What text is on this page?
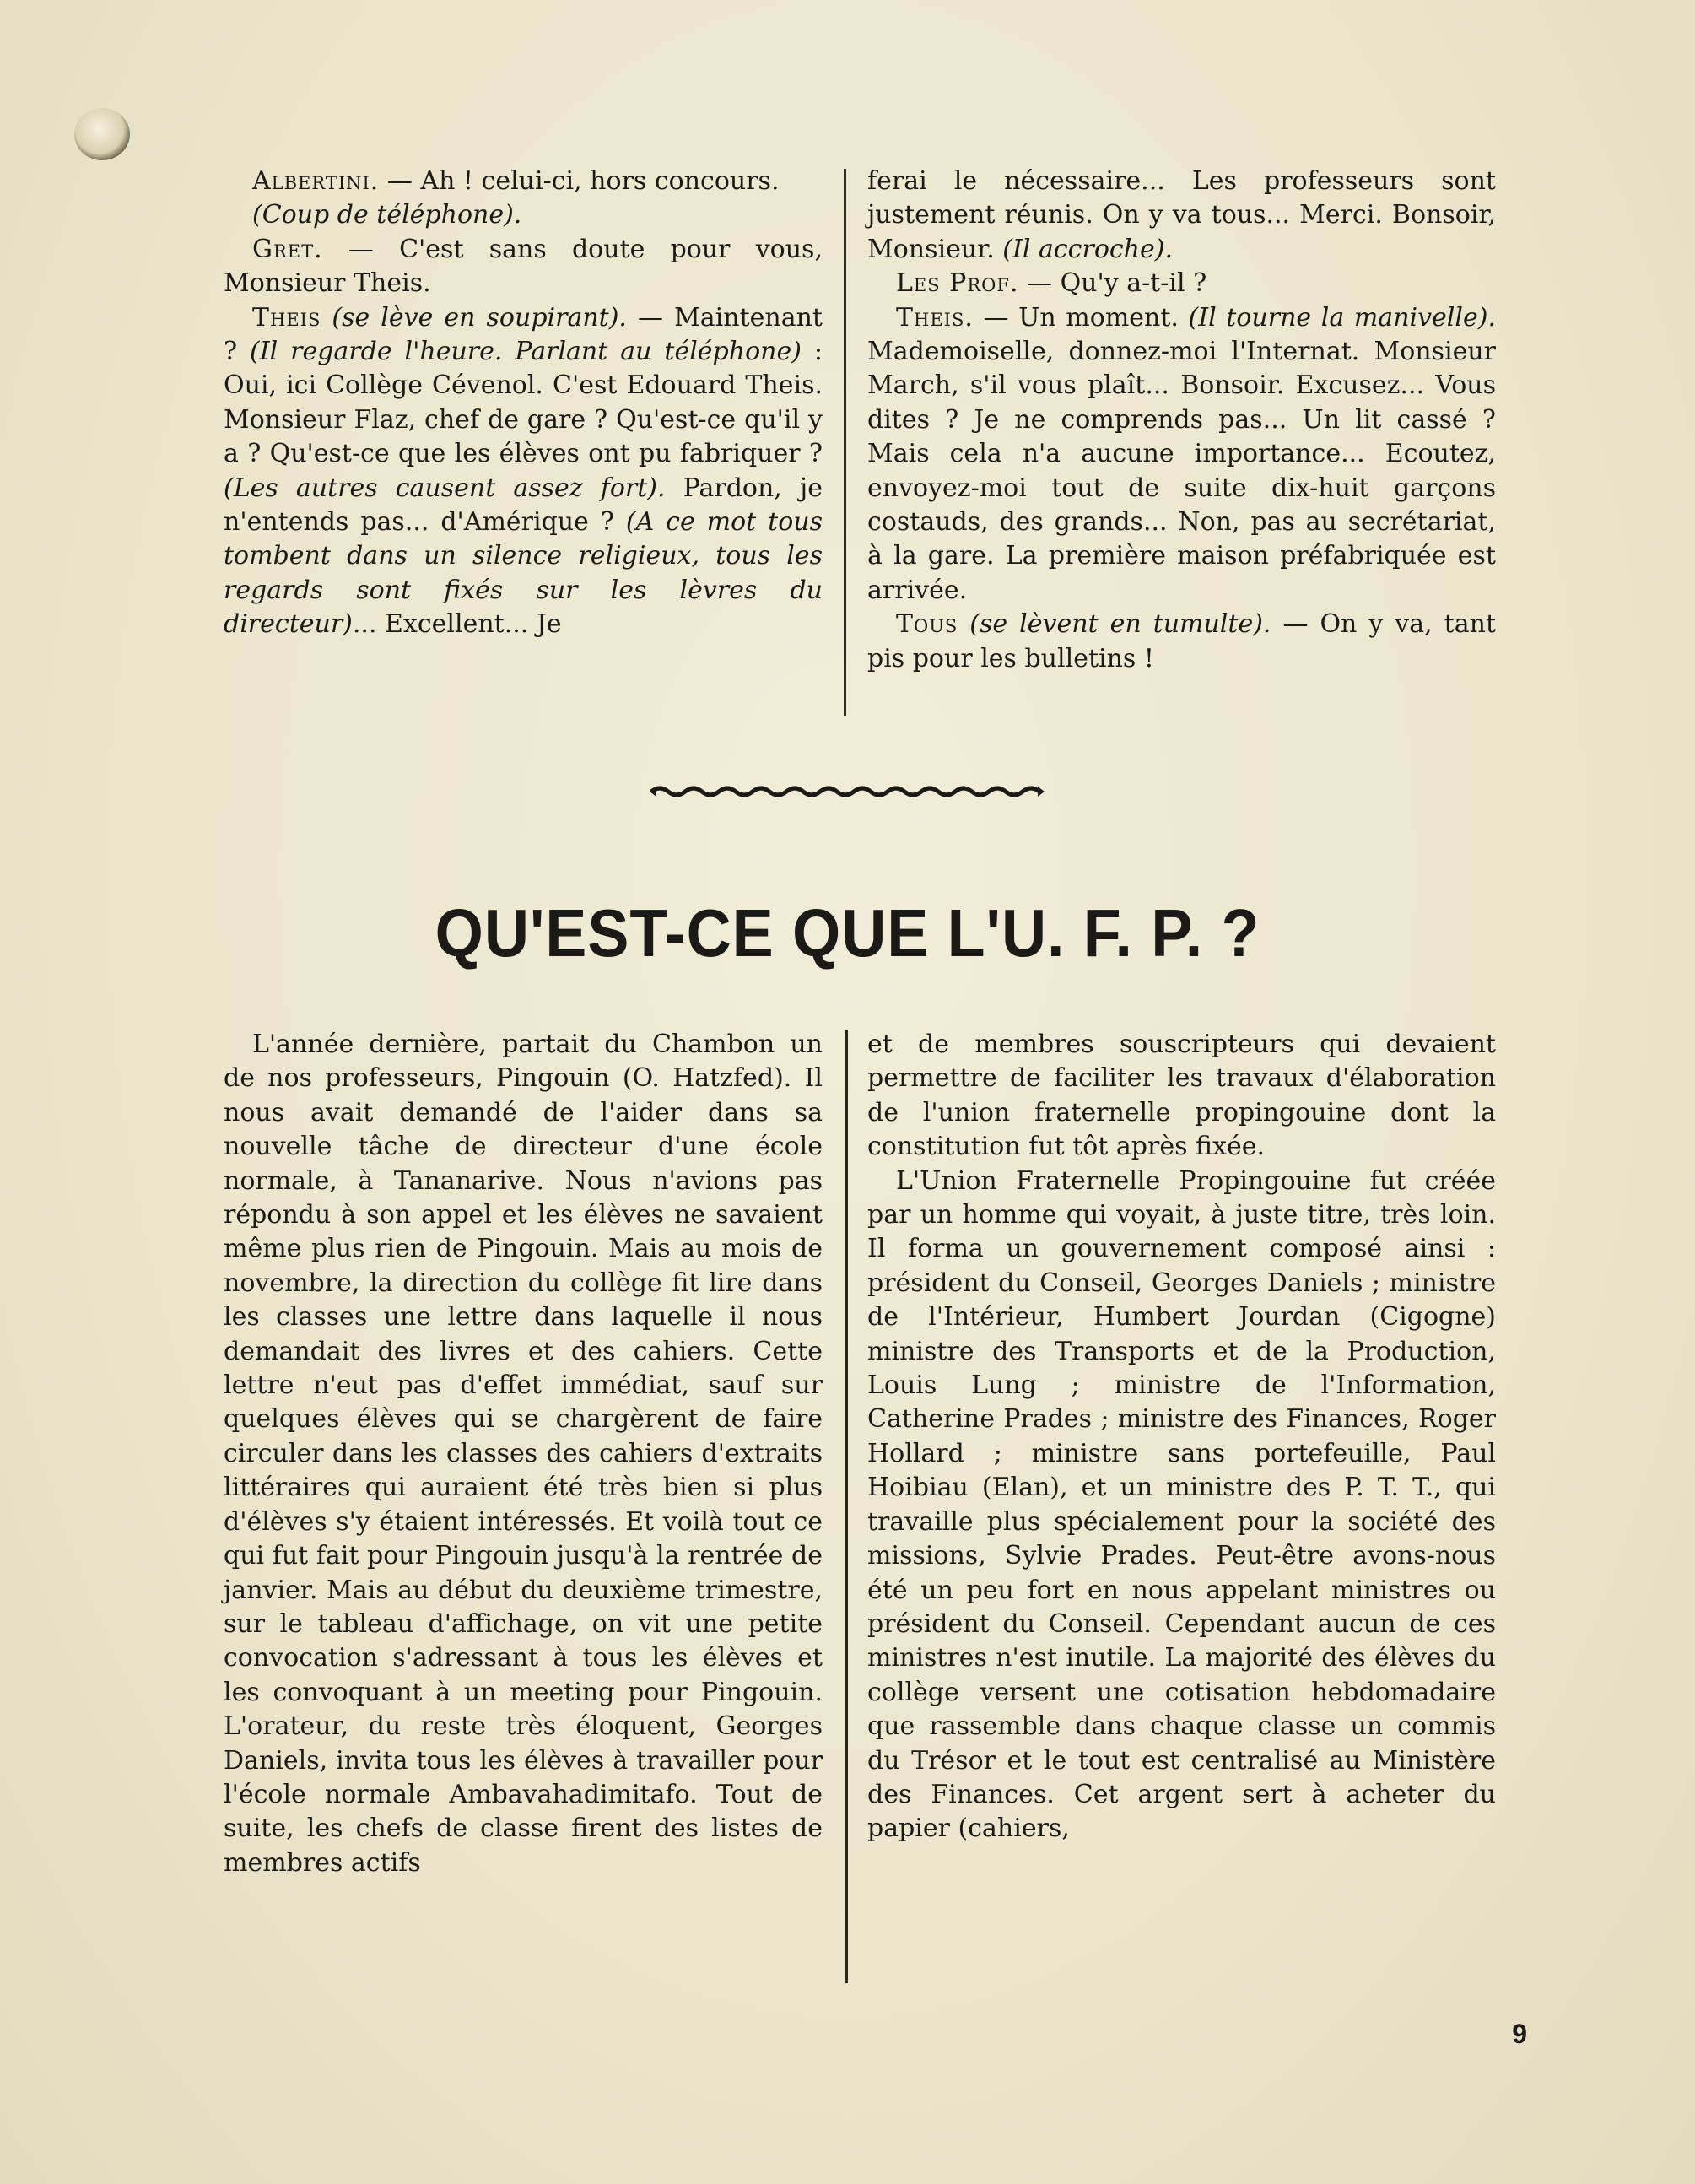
Albertini. — Ah ! celui-ci, hors concours.

(Coup de téléphone).

Gret. — C'est sans doute pour vous, Monsieur Theis.

Theis (se lève en soupirant). — Maintenant ? (Il regarde l'heure. Parlant au téléphone) : Oui, ici Collège Cévenol. C'est Edouard Theis. Monsieur Flaz, chef de gare ? Qu'est-ce qu'il y a ? Qu'est-ce que les élèves ont pu fabriquer ? (Les autres causent assez fort). Pardon, je n'entends pas... d'Amérique ? (A ce mot tous tombent dans un silence religieux, tous les regards sont fixés sur les lèvres du directeur)... Excellent... Je

ferai le nécessaire... Les professeurs sont justement réunis. On y va tous... Merci. Bonsoir, Monsieur. (Il accroche).

Les Prof. — Qu'y a-t-il ?

Theis. — Un moment. (Il tourne la manivelle). Mademoiselle, donnez-moi l'Internat. Monsieur March, s'il vous plaît... Bonsoir. Excusez... Vous dites ? Je ne comprends pas... Un lit cassé ? Mais cela n'a aucune importance... Ecoutez, envoyez-moi tout de suite dix-huit garçons costauds, des grands... Non, pas au secrétariat, à la gare. La première maison préfabriquée est arrivée.

Tous (se lèvent en tumulte). — On y va, tant pis pour les bulletins !

QU'EST-CE QUE L'U. F. P. ?

L'année dernière, partait du Chambon un de nos professeurs, Pingouin (O. Hatzfed). Il nous avait demandé de l'aider dans sa nouvelle tâche de directeur d'une école normale, à Tananarive. Nous n'avions pas répondu à son appel et les élèves ne savaient même plus rien de Pingouin. Mais au mois de novembre, la direction du collège fit lire dans les classes une lettre dans laquelle il nous demandait des livres et des cahiers. Cette lettre n'eut pas d'effet immédiat, sauf sur quelques élèves qui se chargèrent de faire circuler dans les classes des cahiers d'extraits littéraires qui auraient été très bien si plus d'élèves s'y étaient intéressés. Et voilà tout ce qui fut fait pour Pingouin jusqu'à la rentrée de janvier. Mais au début du deuxième trimestre, sur le tableau d'affichage, on vit une petite convocation s'adressant à tous les élèves et les convoquant à un meeting pour Pingouin. L'orateur, du reste très éloquent, Georges Daniels, invita tous les élèves à travailler pour l'école normale Ambavahadimitafo. Tout de suite, les chefs de classe firent des listes de membres actifs

et de membres souscripteurs qui devaient permettre de faciliter les travaux d'élaboration de l'union fraternelle propingouine dont la constitution fut tôt après fixée.

L'Union Fraternelle Propingouine fut créée par un homme qui voyait, à juste titre, très loin. Il forma un gouvernement composé ainsi : président du Conseil, Georges Daniels ; ministre de l'Intérieur, Humbert Jourdan (Cigogne) ministre des Transports et de la Production, Louis Lung ; ministre de l'Information, Catherine Prades ; ministre des Finances, Roger Hollard ; ministre sans portefeuille, Paul Hoibiau (Elan), et un ministre des P. T. T., qui travaille plus spécialement pour la société des missions, Sylvie Prades. Peut-être avons-nous été un peu fort en nous appelant ministres ou président du Conseil. Cependant aucun de ces ministres n'est inutile. La majorité des élèves du collège versent une cotisation hebdomadaire que rassemble dans chaque classe un commis du Trésor et le tout est centralisé au Ministère des Finances. Cet argent sert à acheter du papier (cahiers,

9
